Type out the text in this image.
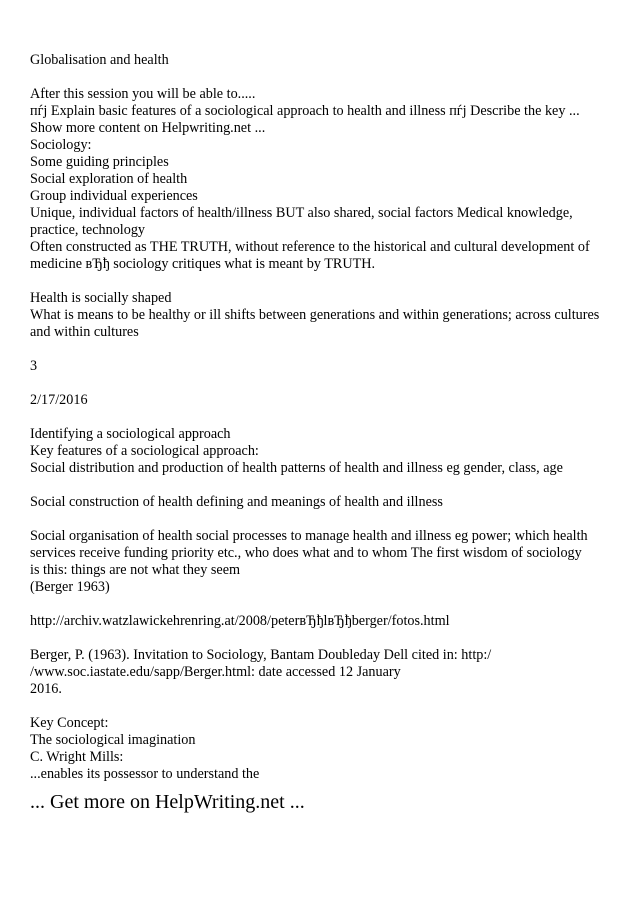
Globalisation and health
After this session you will be able to.....
пѓј Explain basic features of a sociological approach to health and illness пѓј Describe the key ...
Show more content on Helpwriting.net ...
Sociology:
Some guiding principles
Social exploration of health
Group individual experiences
Unique, individual factors of health/illness BUT also shared, social factors Medical knowledge,
practice, technology
Often constructed as THE TRUTH, without reference to the historical and cultural development of
medicine вЂђ sociology critiques what is meant by TRUTH.
Health is socially shaped
What is means to be healthy or ill shifts between generations and within generations; across cultures
and within cultures
3
2/17/2016
Identifying a sociological approach
Key features of a sociological approach:
Social distribution and production of health patterns of health and illness eg gender, class, age
Social construction of health defining and meanings of health and illness
Social organisation of health social processes to manage health and illness eg power; which health
services receive funding priority etc., who does what and to whom The first wisdom of sociology
is this: things are not what they seem
(Berger 1963)
http://archiv.watzlawickehrenring.at/2008/peterвЂђlвЂђberger/fotos.html
Berger, P. (1963). Invitation to Sociology, Bantam Doubleday Dell cited in: http:/
/www.soc.iastate.edu/sapp/Berger.html: date accessed 12 January
2016.
Key Concept:
The sociological imagination
C. Wright Mills:
...enables its possessor to understand the
... Get more on HelpWriting.net ...
